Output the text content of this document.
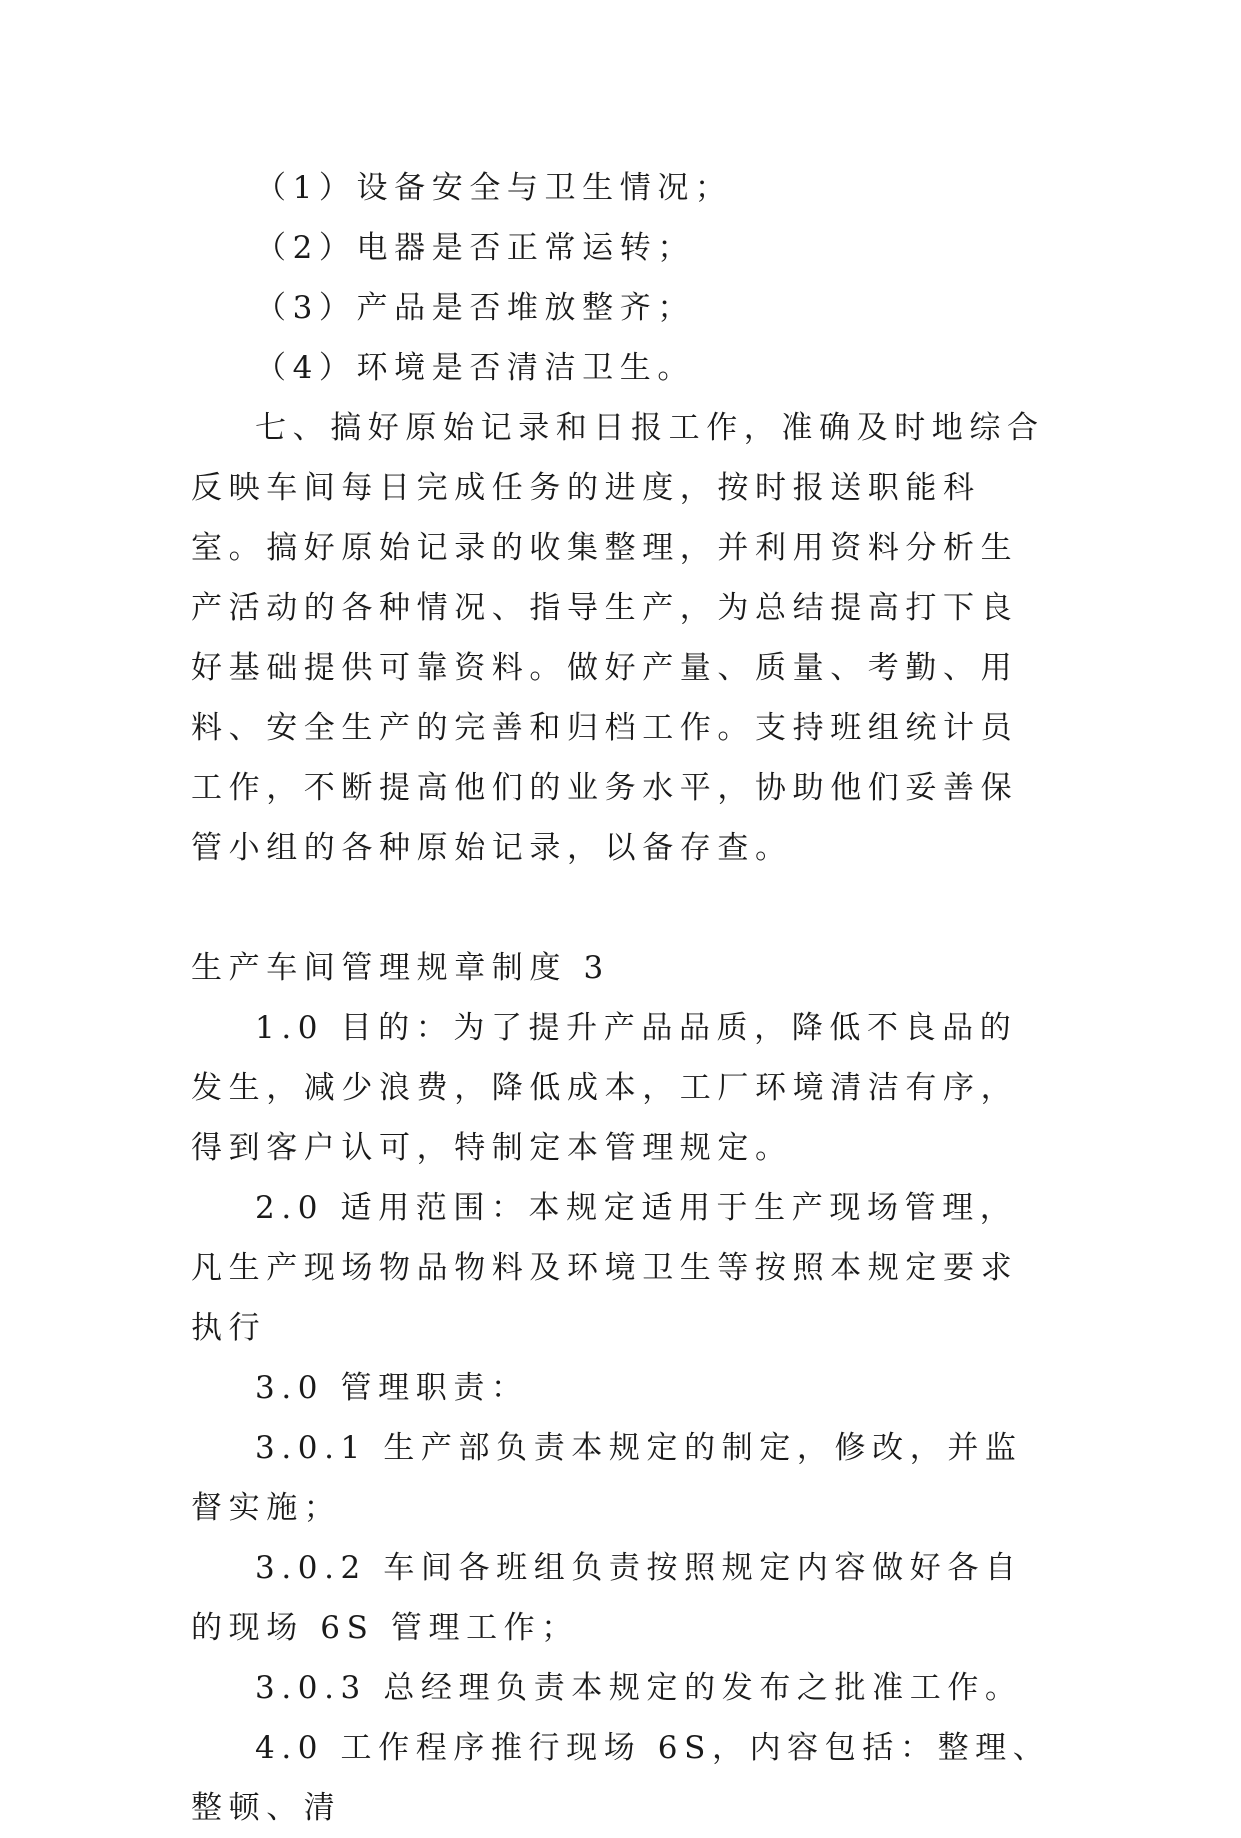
（1）设备安全与卫生情况；

（2）电器是否正常运转；

（3）产品是否堆放整齐；

（4）环境是否清洁卫生。

七、搞好原始记录和日报工作，准确及时地综合反映车间每日完成任务的进度，按时报送职能科室。搞好原始记录的收集整理，并利用资料分析生产活动的各种情况、指导生产，为总结提高打下良好基础提供可靠资料。做好产量、质量、考勤、用料、安全生产的完善和归档工作。支持班组统计员工作，不断提高他们的业务水平，协助他们妥善保管小组的各种原始记录，以备存查。

生产车间管理规章制度 3

1.0 目的：为了提升产品品质，降低不良品的发生，减少浪费，降低成本，工厂环境清洁有序，得到客户认可，特制定本管理规定。

2.0 适用范围：本规定适用于生产现场管理，凡生产现场物品物料及环境卫生等按照本规定要求执行

3.0 管理职责：

3.0.1 生产部负责本规定的制定，修改，并监督实施；

3.0.2 车间各班组负责按照规定内容做好各自的现场 6S 管理工作；

3.0.3 总经理负责本规定的发布之批准工作。

4.0 工作程序推行现场 6S，内容包括：整理、整顿、清
